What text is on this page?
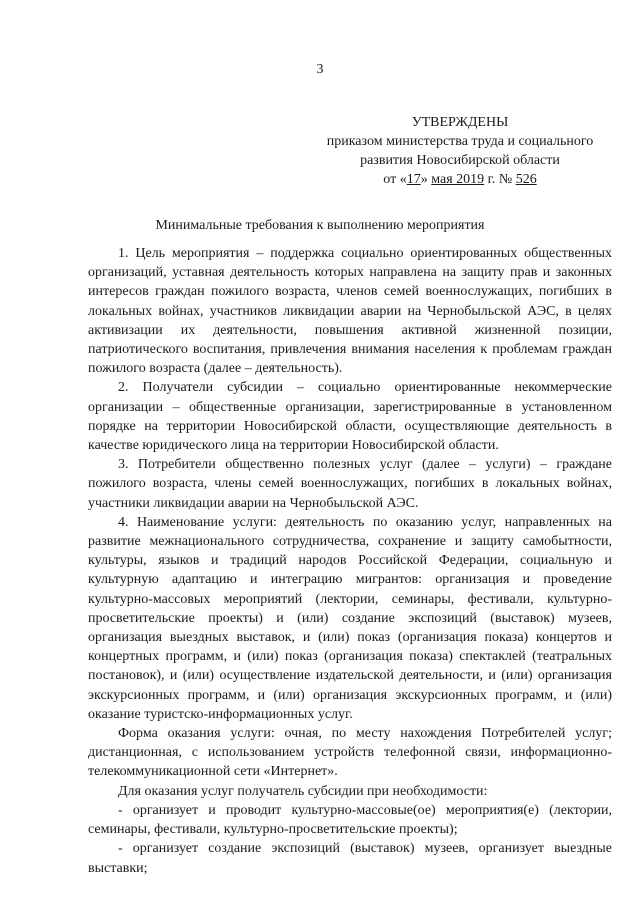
3
УТВЕРЖДЕНЫ
приказом министерства труда и социального
развития Новосибирской области
от «17» мая 2019 г. № 526
Минимальные требования к выполнению мероприятия

1. Цель мероприятия – поддержка социально ориентированных общественных организаций, уставная деятельность которых направлена на защиту прав и законных интересов граждан пожилого возраста, членов семей военнослужащих, погибших в локальных войнах, участников ликвидации аварии на Чернобыльской АЭС, в целях активизации их деятельности, повышения активной жизненной позиции, патриотического воспитания, привлечения внимания населения к проблемам граждан пожилого возраста (далее – деятельность).

2. Получатели субсидии – социально ориентированные некоммерческие организации – общественные организации, зарегистрированные в установленном порядке на территории Новосибирской области, осуществляющие деятельность в качестве юридического лица на территории Новосибирской области.

3. Потребители общественно полезных услуг (далее – услуги) – граждане пожилого возраста, члены семей военнослужащих, погибших в локальных войнах, участники ликвидации аварии на Чернобыльской АЭС.

4. Наименование услуги: деятельность по оказанию услуг, направленных на развитие межнационального сотрудничества, сохранение и защиту самобытности, культуры, языков и традиций народов Российской Федерации, социальную и культурную адаптацию и интеграцию мигрантов: организация и проведение культурно-массовых мероприятий (лектории, семинары, фестивали, культурно-просветительские проекты) и (или) создание экспозиций (выставок) музеев, организация выездных выставок, и (или) показ (организация показа) концертов и концертных программ, и (или) показ (организация показа) спектаклей (театральных постановок), и (или) осуществление издательской деятельности, и (или) организация экскурсионных программ, и (или) организация экскурсионных программ, и (или) оказание туристско-информационных услуг.

Форма оказания услуги: очная, по месту нахождения Потребителей услуг; дистанционная, с использованием устройств телефонной связи, информационно-телекоммуникационной сети «Интернет».

Для оказания услуг получатель субсидии при необходимости:

- организует и проводит культурно-массовые(ое) мероприятия(е) (лектории, семинары, фестивали, культурно-просветительские проекты);

- организует создание экспозиций (выставок) музеев, организует выездные выставки;
